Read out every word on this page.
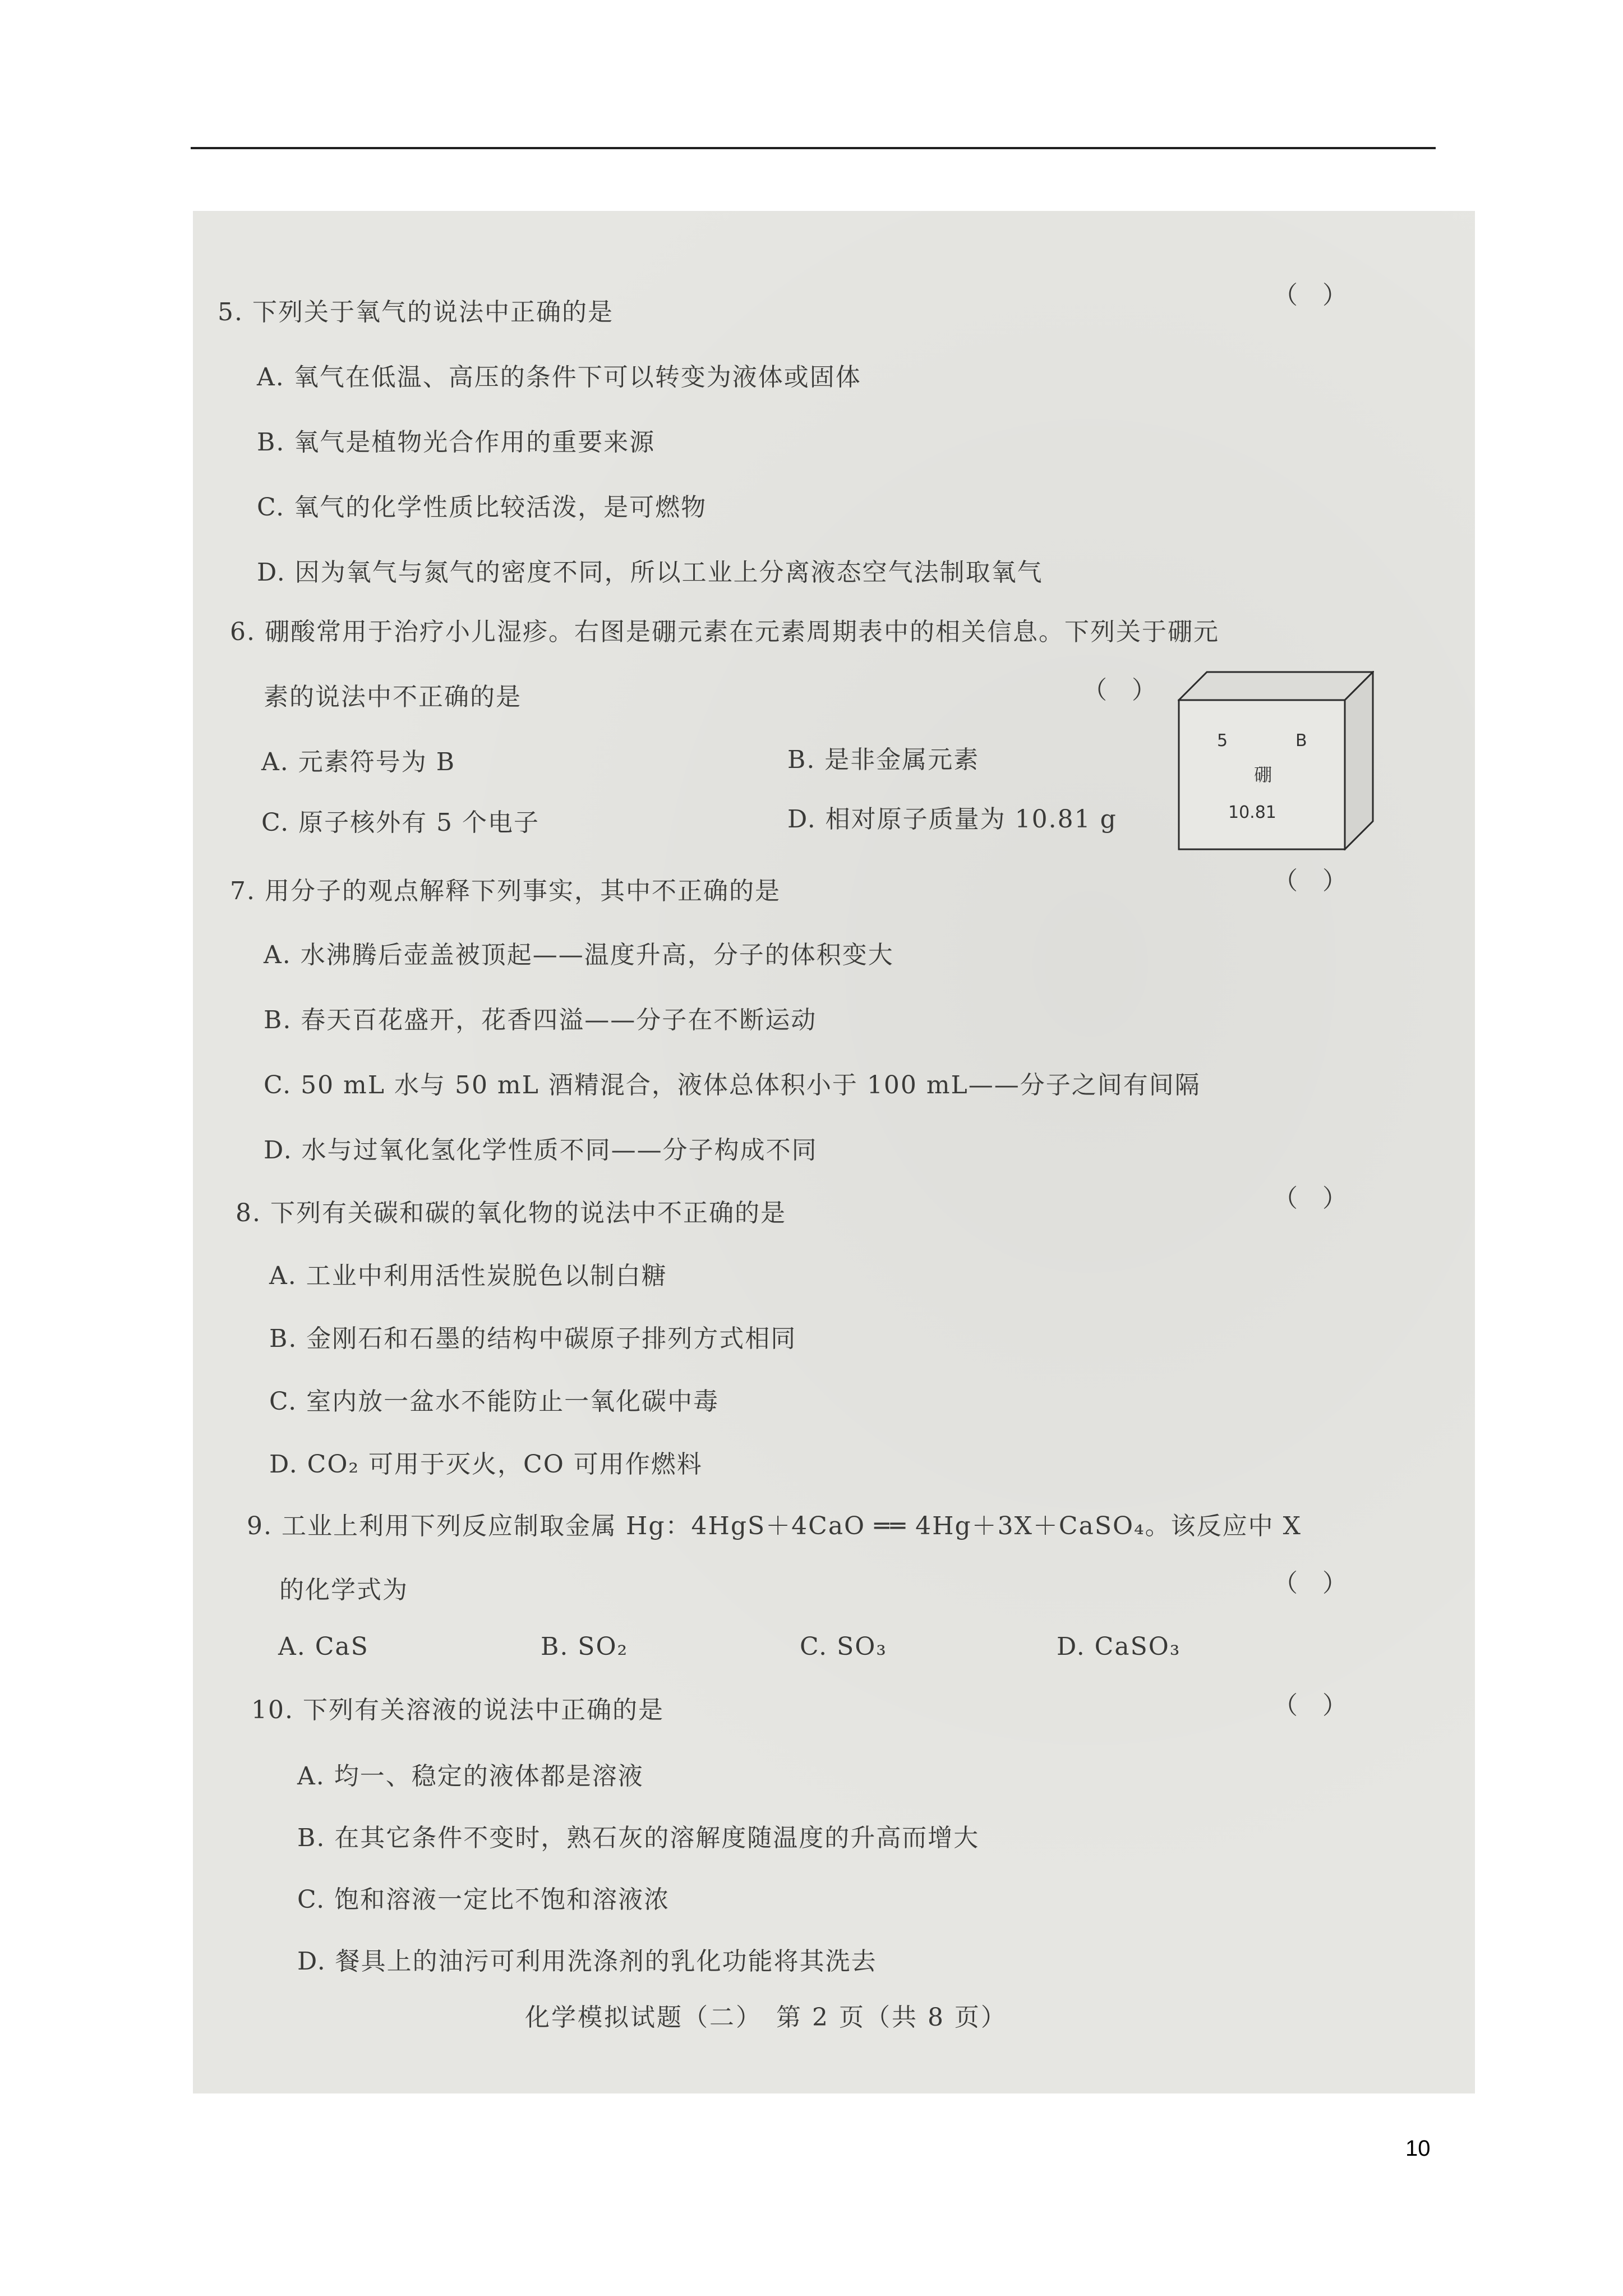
5. 下列关于氧气的说法中正确的是
（　）
A. 氧气在低温、高压的条件下可以转变为液体或固体
B. 氧气是植物光合作用的重要来源
C. 氧气的化学性质比较活泼，是可燃物
D. 因为氧气与氮气的密度不同，所以工业上分离液态空气法制取氧气
6. 硼酸常用于治疗小儿湿疹。右图是硼元素在元素周期表中的相关信息。下列关于硼元
素的说法中不正确的是	（　）
A. 元素符号为 B	B. 是非金属元素
C. 原子核外有 5 个电子	D. 相对原子质量为 10.81 g
5	B
硼
10.81
7. 用分子的观点解释下列事实，其中不正确的是	（　）
A. 水沸腾后壶盖被顶起——温度升高，分子的体积变大
B. 春天百花盛开，花香四溢——分子在不断运动
C. 50 mL 水与 50 mL 酒精混合，液体总体积小于 100 mL——分子之间有间隔
D. 水与过氧化氢化学性质不同——分子构成不同
8. 下列有关碳和碳的氧化物的说法中不正确的是
（　）
A. 工业中利用活性炭脱色以制白糖
B. 金刚石和石墨的结构中碳原子排列方式相同
C. 室内放一盆水不能防止一氧化碳中毒
D. CO₂ 可用于灭火，CO 可用作燃料
9. 工业上利用下列反应制取金属 Hg：4HgS＋4CaO ══ 4Hg＋3X＋CaSO₄。该反应中 X
的化学式为	（　）
A. CaS	B. SO₂	C. SO₃	D. CaSO₃
10. 下列有关溶液的说法中正确的是	（　）
A. 均一、稳定的液体都是溶液
B. 在其它条件不变时，熟石灰的溶解度随温度的升高而增大
C. 饱和溶液一定比不饱和溶液浓
D. 餐具上的油污可利用洗涤剂的乳化功能将其洗去
化学模拟试题（二）　第 2 页（共 8 页）
10
